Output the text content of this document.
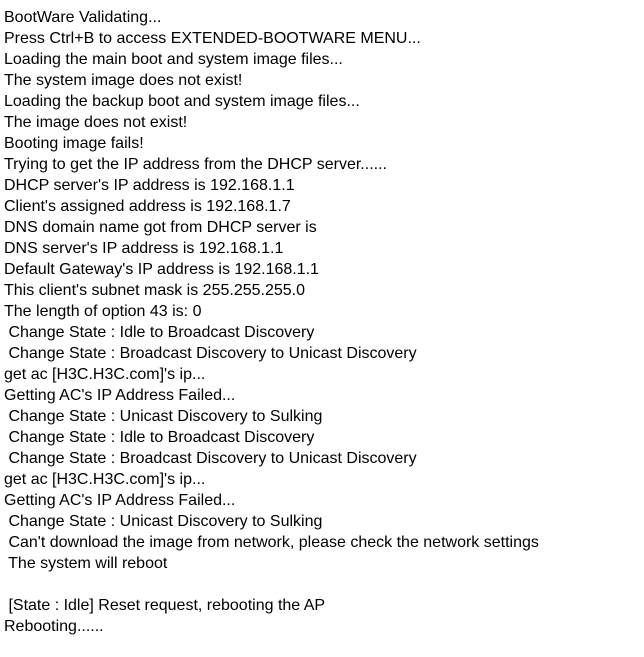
BootWare Validating...
Press Ctrl+B to access EXTENDED-BOOTWARE MENU...
Loading the main boot and system image files...
The system image does not exist!
Loading the backup boot and system image files...
The image does not exist!
Booting image fails!
Trying to get the IP address from the DHCP server......
DHCP server's IP address is 192.168.1.1
Client's assigned address is 192.168.1.7
DNS domain name got from DHCP server is
DNS server's IP address is 192.168.1.1
Default Gateway's IP address is 192.168.1.1
This client's subnet mask is 255.255.255.0
The length of option 43 is: 0
Change State : Idle to Broadcast Discovery
Change State : Broadcast Discovery to Unicast Discovery
get ac [H3C.H3C.com]'s ip...
Getting AC's IP Address Failed...
Change State : Unicast Discovery to Sulking
Change State : Idle to Broadcast Discovery
Change State : Broadcast Discovery to Unicast Discovery
get ac [H3C.H3C.com]'s ip...
Getting AC's IP Address Failed...
Change State : Unicast Discovery to Sulking
Can't download the image from network, please check the network settings
The system will reboot
[State : Idle] Reset request, rebooting the AP
Rebooting......
